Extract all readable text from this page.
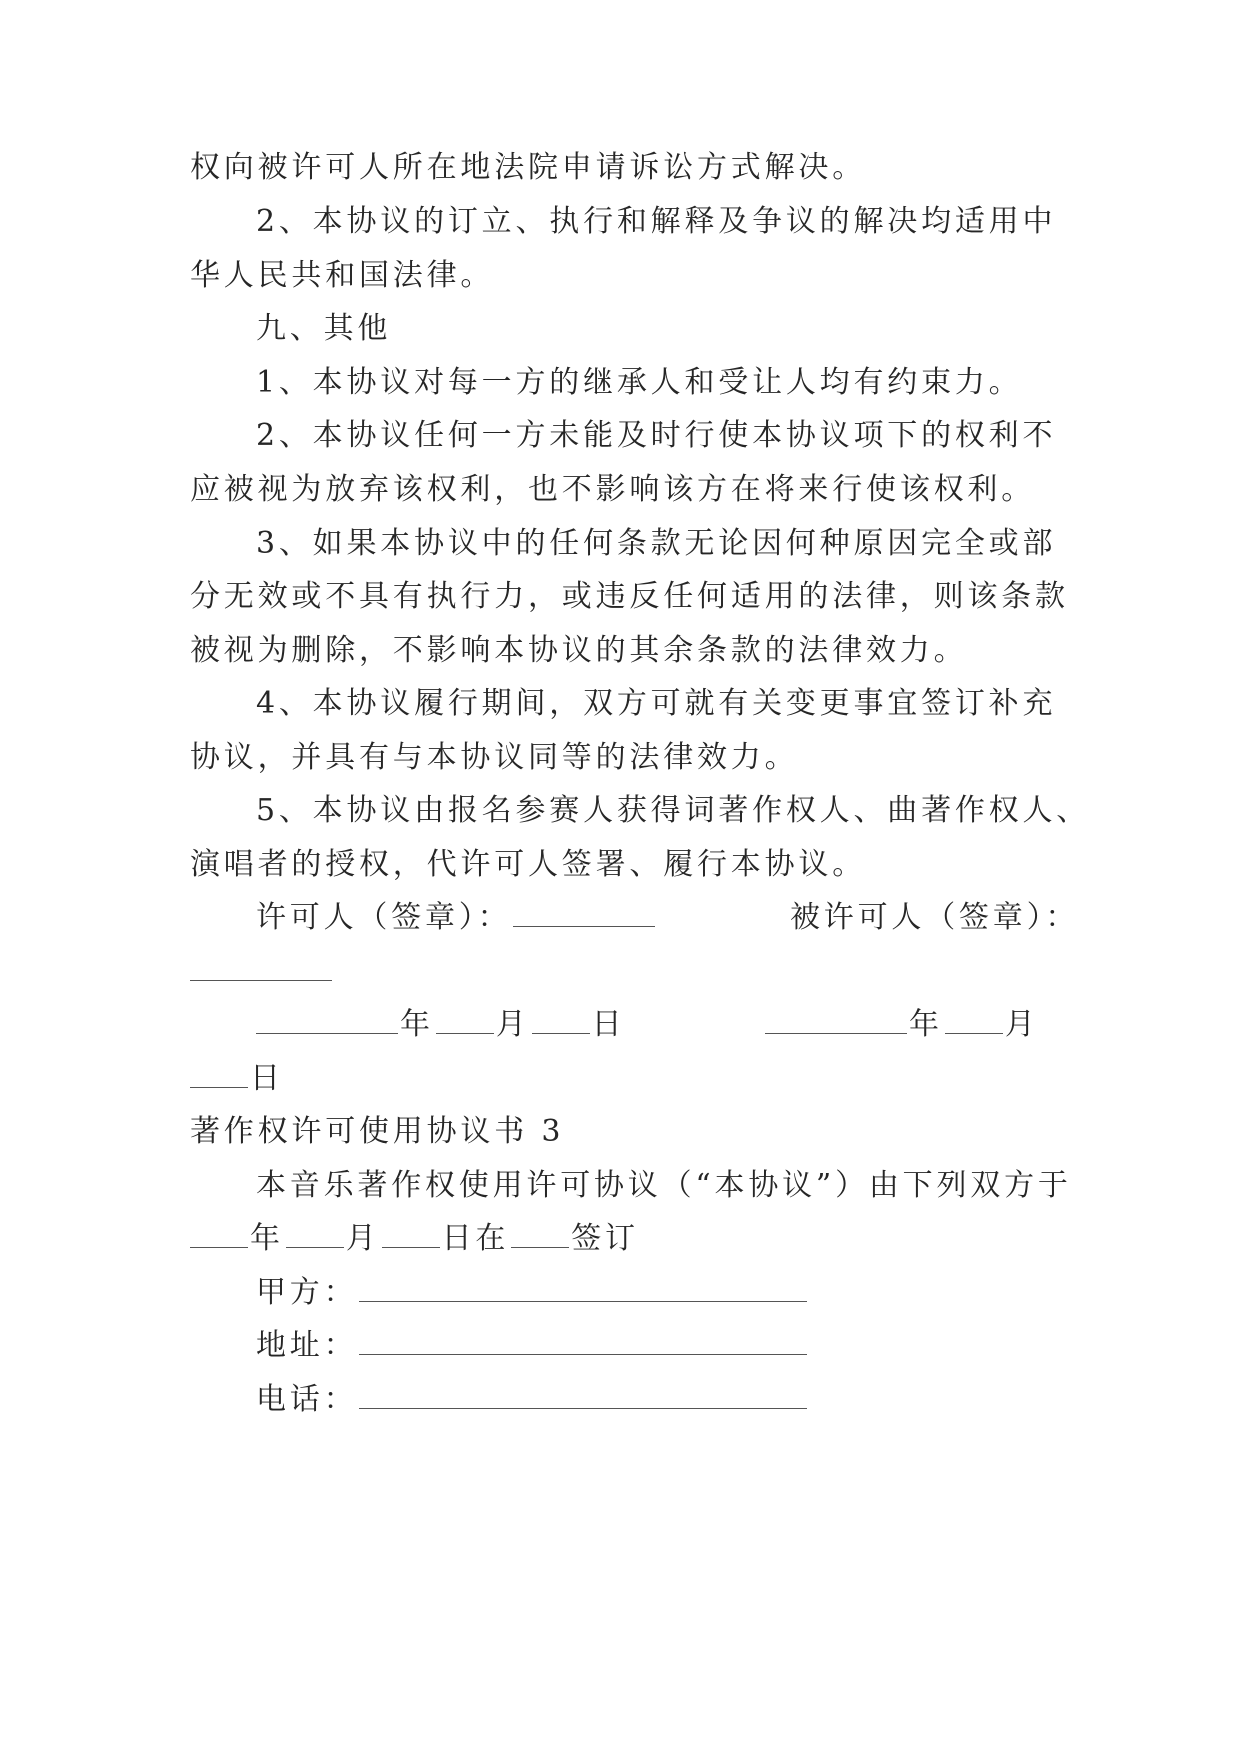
权向被许可人所在地法院申请诉讼方式解决。
2、本协议的订立、执行和解释及争议的解决均适用中
华人民共和国法律。
九、其他
1、本协议对每一方的继承人和受让人均有约束力。
2、本协议任何一方未能及时行使本协议项下的权利不
应被视为放弃该权利，也不影响该方在将来行使该权利。
3、如果本协议中的任何条款无论因何种原因完全或部
分无效或不具有执行力，或违反任何适用的法律，则该条款
被视为删除，不影响本协议的其余条款的法律效力。
4、本协议履行期间，双方可就有关变更事宜签订补充
协议，并具有与本协议同等的法律效力。
5、本协议由报名参赛人获得词著作权人、曲著作权人、
演唱者的授权，代许可人签署、履行本协议。
许可人（签章）：	被许可人（签章）：
年 月 日	年 月
日
著作权许可使用协议书 3
本音乐著作权使用许可协议（“本协议”）由下列双方于
年 月 日在 签订
甲方：
地址：
电话：
